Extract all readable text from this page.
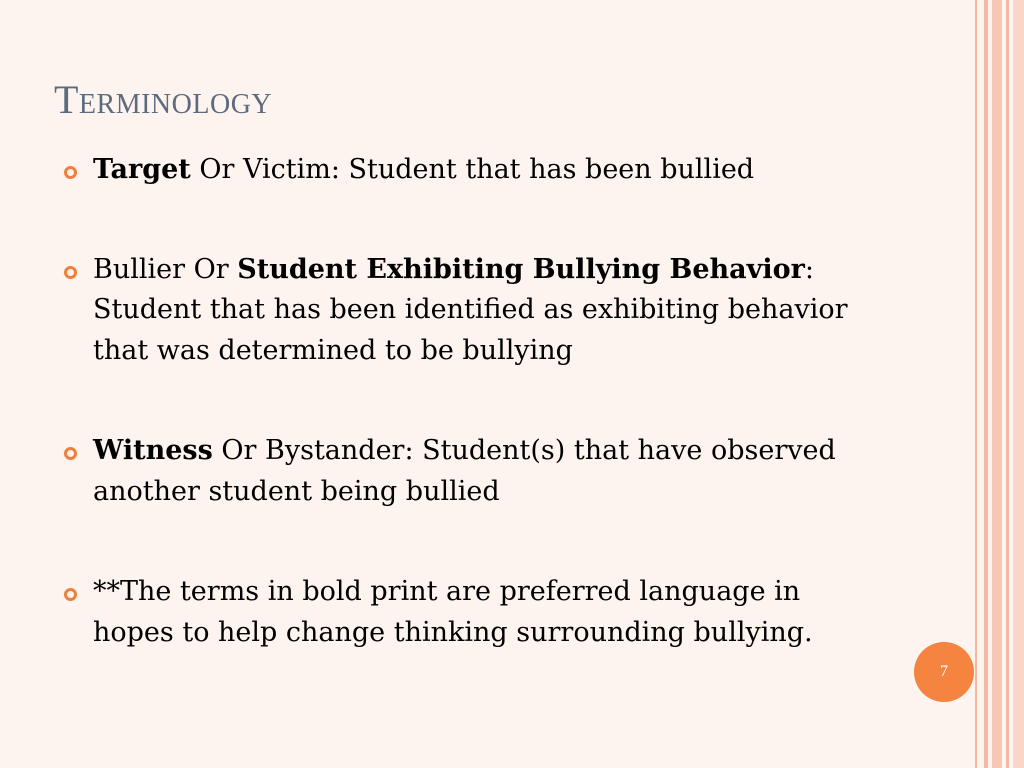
Terminology
Target Or Victim: Student that has been bullied
Bullier Or Student Exhibiting Bullying Behavior: Student that has been identified as exhibiting behavior that was determined to be bullying
Witness Or Bystander: Student(s) that have observed another student being bullied
**The terms in bold print are preferred language in hopes to help change thinking surrounding bullying.
7
